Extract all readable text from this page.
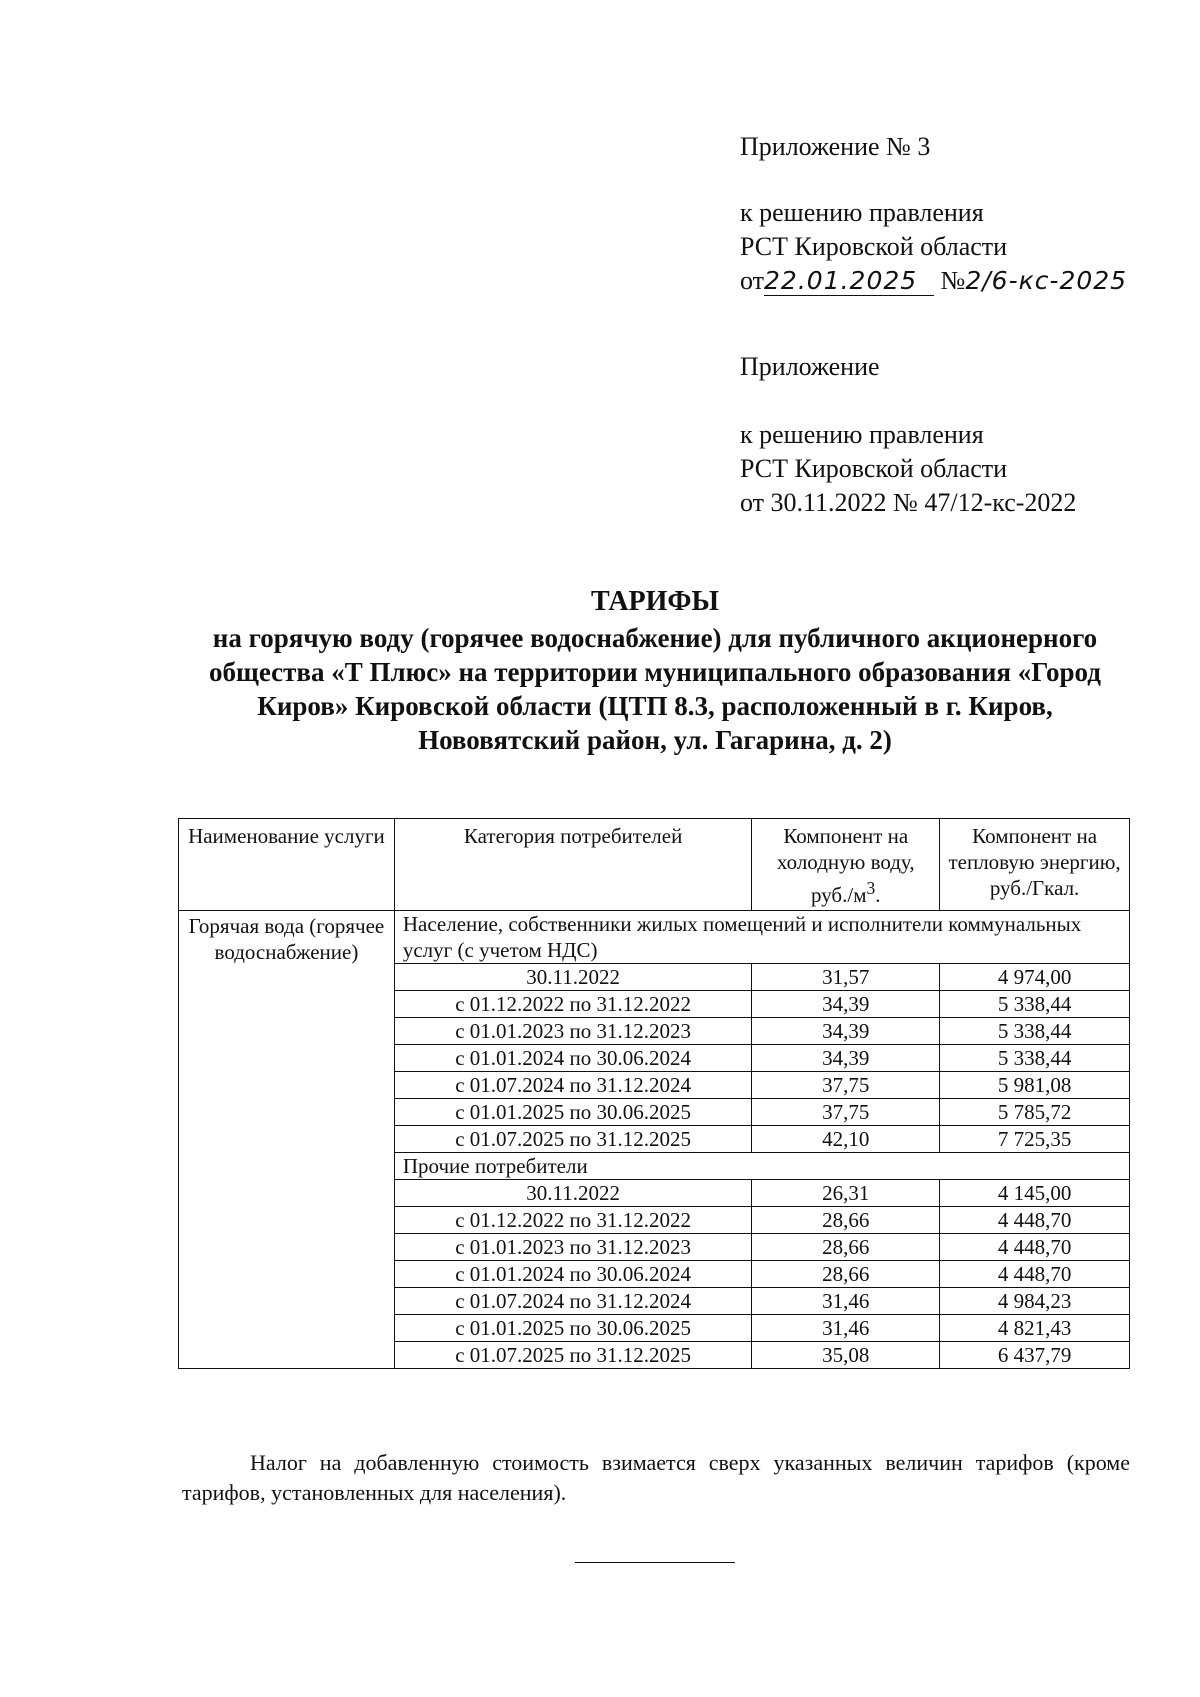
Приложение № 3
к решению правления
РСТ Кировской области
от22.01.2025 №2/6-кс-2025
Приложение
к решению правления
РСТ Кировской области
от 30.11.2022 № 47/12-кс-2022
ТАРИФЫ
на горячую воду (горячее водоснабжение) для публичного акционерного
общества «Т Плюс» на территории муниципального образования «Город
Киров» Кировской области (ЦТП 8.3, расположенный в г. Киров,
Нововятский район, ул. Гагарина, д. 2)
Наименование услуги	Категория потребителей	Компонент на холодную воду, $руб./м^3$.	Компонент на тепловую энергию, руб./Гкал.
Горячая вода (горячее водоснабжение)	Население, собственники жилых помещений и исполнители коммунальных услуг (с учетом НДС)		
	30.11.2022	31,57	4 974,00
	с 01.12.2022 по 31.12.2022	34,39	5 338,44
	с 01.01.2023 по 31.12.2023	34,39	5 338,44
	с 01.01.2024 по 30.06.2024	34,39	5 338,44
	с 01.07.2024 по 31.12.2024	37,75	5 981,08
	с 01.01.2025 по 30.06.2025	37,75	5 785,72
	с 01.07.2025 по 31.12.2025	42,10	7 725,35
	Прочие потребители		
	30.11.2022	26,31	4 145,00
	с 01.12.2022 по 31.12.2022	28,66	4 448,70
	с 01.01.2023 по 31.12.2023	28,66	4 448,70
	с 01.01.2024 по 30.06.2024	28,66	4 448,70
	с 01.07.2024 по 31.12.2024	31,46	4 984,23
	с 01.01.2025 по 30.06.2025	31,46	4 821,43
	с 01.07.2025 по 31.12.2025	35,08	6 437,79
Налог на добавленную стоимость взимается сверх указанных величин тарифов (кроме тарифов, установленных для населения).
